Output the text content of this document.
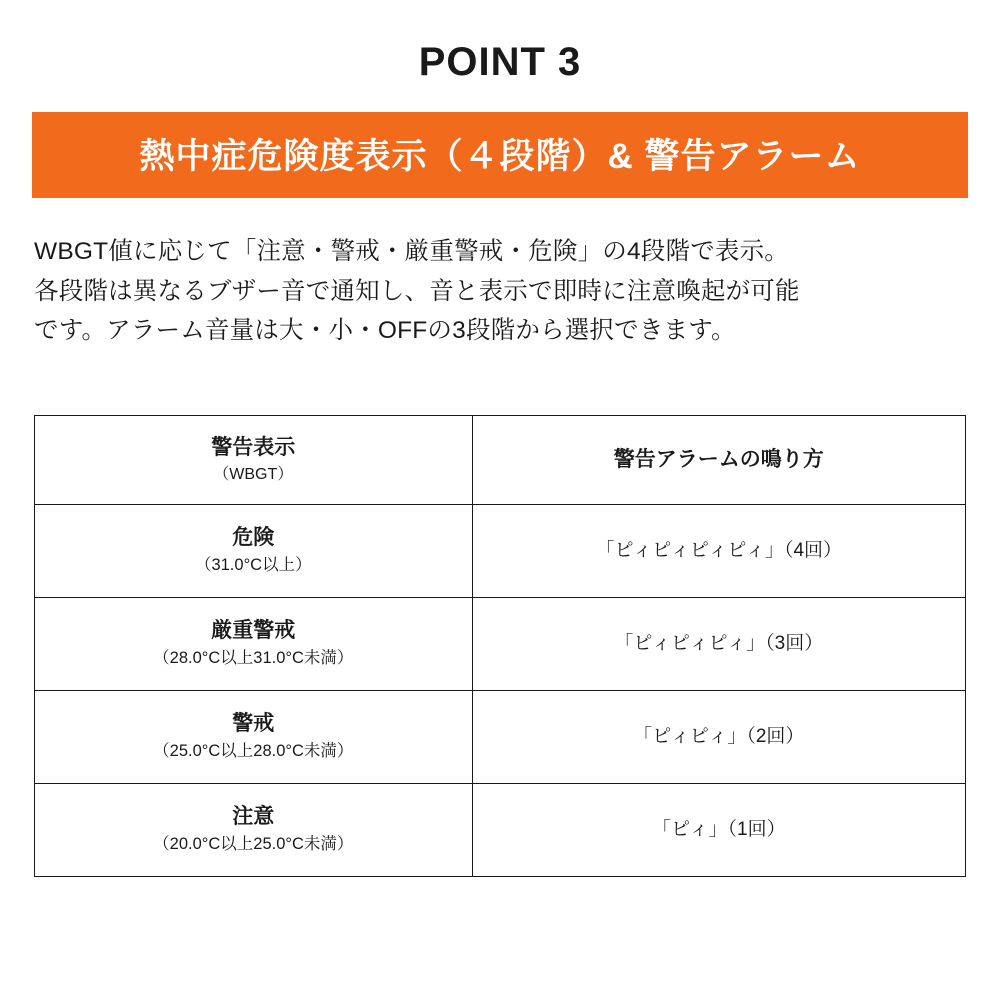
POINT 3
熱中症危険度表示（４段階）& 警告アラーム

WBGT値に応じて「注意・警戒・厳重警戒・危険」の4段階で表示。

各段階は異なるブザー音で通知し、音と表示で即時に注意喚起が可能

です。アラーム音量は大・小・OFFの3段階から選択できます。

警告表示
（WBGT）	警告アラームの鳴り方

危険
（31.0°C以上）	「ピィピィピィピィ」（4回）

厳重警戒
（28.0°C以上31.0°C未満）	「ピィピィピィ」（3回）

警戒
（25.0°C以上28.0°C未満）	「ピィピィ」（2回）

注意
（20.0°C以上25.0°C未満）	「ピィ」（1回）
